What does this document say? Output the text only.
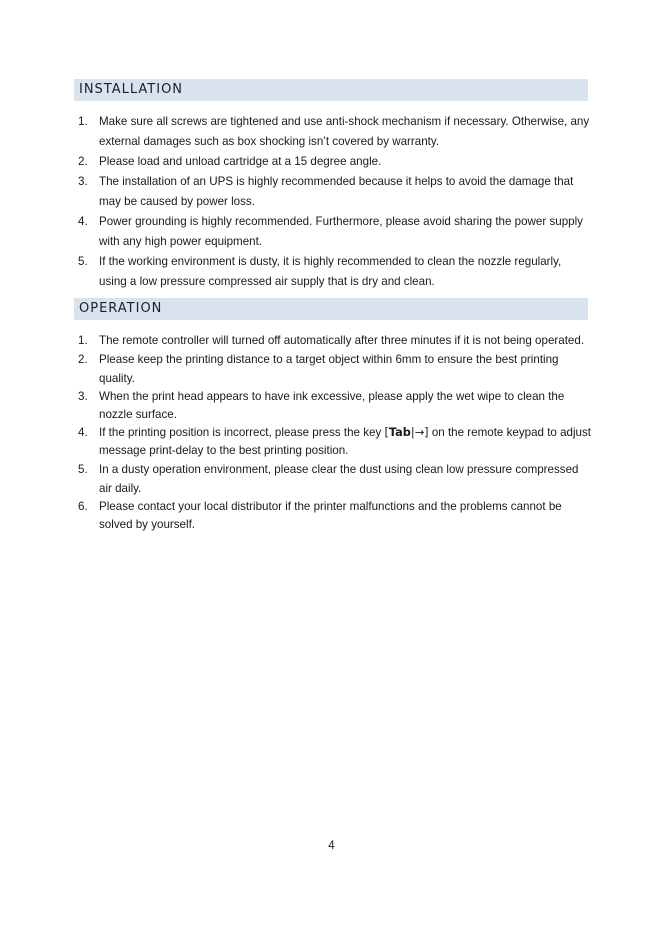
INSTALLATION
1. Make sure all screws are tightened and use anti-shock mechanism if necessary. Otherwise, any external damages such as box shocking isn’t covered by warranty.
2. Please load and unload cartridge at a 15 degree angle.
3. The installation of an UPS is highly recommended because it helps to avoid the damage that may be caused by power loss.
4. Power grounding is highly recommended. Furthermore, please avoid sharing the power supply with any high power equipment.
5. If the working environment is dusty, it is highly recommended to clean the nozzle regularly, using a low pressure compressed air supply that is dry and clean.
OPERATION
1. The remote controller will turned off automatically after three minutes if it is not being operated.
2. Please keep the printing distance to a target object within 6mm to ensure the best printing quality.
3. When the print head appears to have ink excessive, please apply the wet wipe to clean the nozzle surface.
4. If the printing position is incorrect, please press the key [Tab|→] on the remote keypad to adjust message print-delay to the best printing position.
5. In a dusty operation environment, please clear the dust using clean low pressure compressed air daily.
6. Please contact your local distributor if the printer malfunctions and the problems cannot be solved by yourself.
4
